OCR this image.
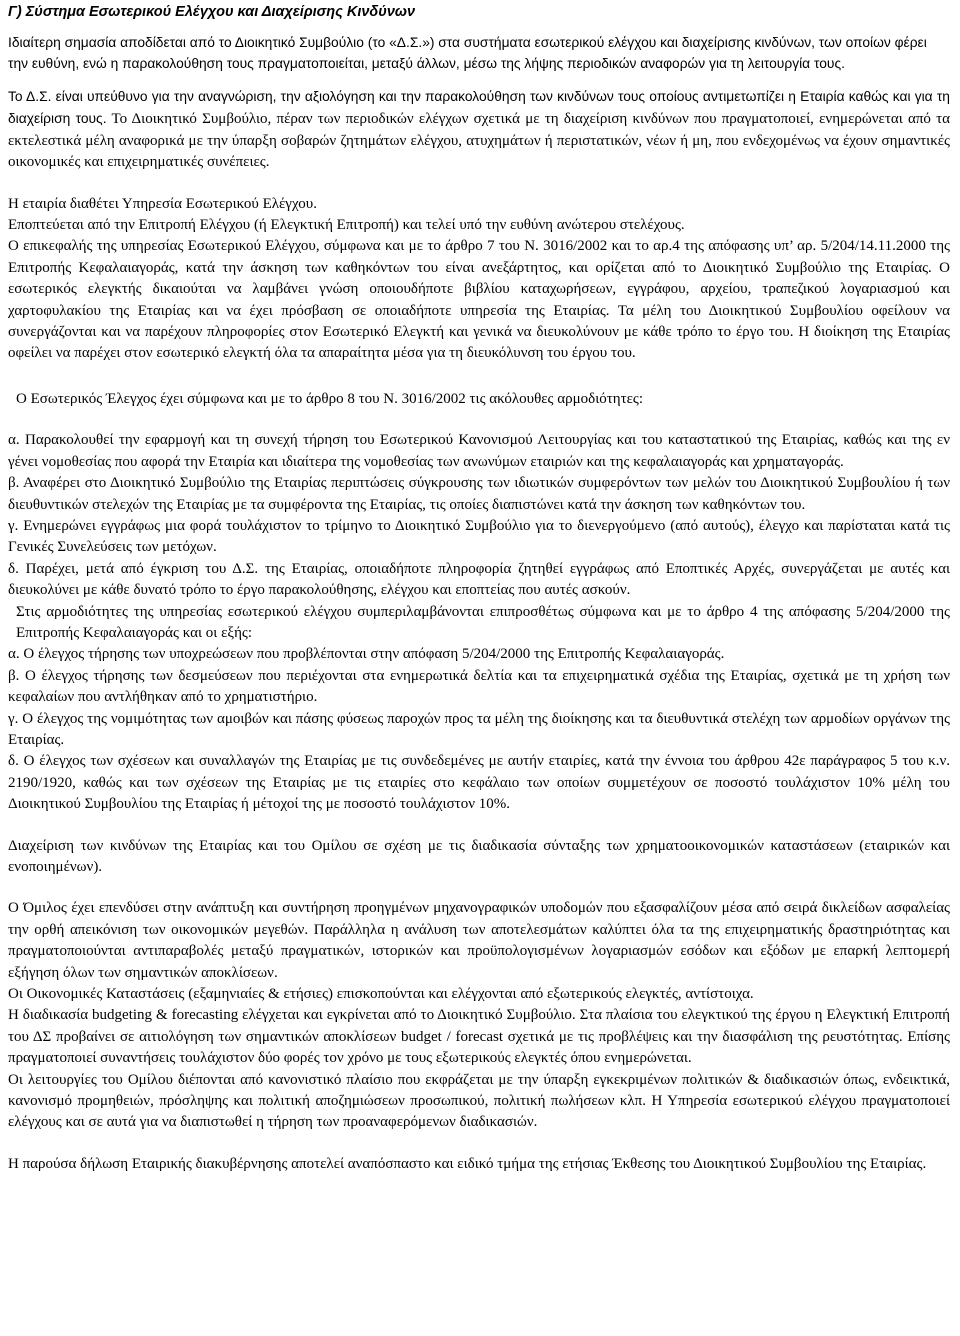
Γ) Σύστημα Εσωτερικού Ελέγχου και Διαχείρισης Κινδύνων

Ιδιαίτερη σημασία αποδίδεται από το Διοικητικό Συμβούλιο (το «Δ.Σ.») στα συστήματα εσωτερικού ελέγχου και διαχείρισης κινδύνων, των οποίων φέρει την ευθύνη, ενώ η παρακολούθηση τους πραγματοποιείται, μεταξύ άλλων, μέσω της λήψης περιοδικών αναφορών για τη λειτουργία τους.

Το Δ.Σ. είναι υπεύθυνο για την αναγνώριση, την αξιολόγηση και την παρακολούθηση των κινδύνων τους οποίους αντιμετωπίζει η Εταιρία καθώς και για τη διαχείριση τους. Το Διοικητικό Συμβούλιο, πέραν των περιοδικών ελέγχων σχετικά με τη διαχείριση κινδύνων που πραγματοποιεί, ενημερώνεται από τα εκτελεστικά μέλη αναφορικά με την ύπαρξη σοβαρών ζητημάτων ελέγχου, ατυχημάτων ή περιστατικών, νέων ή μη, που ενδεχομένως να έχουν σημαντικές οικονομικές και επιχειρηματικές συνέπειες.

Η εταιρία διαθέτει Υπηρεσία Εσωτερικού Ελέγχου.

Εποπτεύεται από την Επιτροπή Ελέγχου (ή Ελεγκτική Επιτροπή) και τελεί υπό την ευθύνη ανώτερου στελέχους.

Ο επικεφαλής της υπηρεσίας Εσωτερικού Ελέγχου, σύμφωνα και με το άρθρο 7 του Ν. 3016/2002 και το αρ.4 της απόφασης υπ’ αρ. 5/204/14.11.2000 της Επιτροπής Κεφαλαιαγοράς, κατά την άσκηση των καθηκόντων του είναι ανεξάρτητος, και ορίζεται από το Διοικητικό Συμβούλιο της Εταιρίας. Ο εσωτερικός ελεγκτής δικαιούται να λαμβάνει γνώση οποιουδήποτε βιβλίου καταχωρήσεων, εγγράφου, αρχείου, τραπεζικού λογαριασμού και χαρτοφυλακίου της Εταιρίας και να έχει πρόσβαση σε οποιαδήποτε υπηρεσία της Εταιρίας. Τα μέλη του Διοικητικού Συμβουλίου οφείλουν να συνεργάζονται και να παρέχουν πληροφορίες στον Εσωτερικό Ελεγκτή και γενικά να διευκολύνουν με κάθε τρόπο το έργο του. Η διοίκηση της Εταιρίας οφείλει να παρέχει στον εσωτερικό ελεγκτή όλα τα απαραίτητα μέσα για τη διευκόλυνση του έργου του.

Ο Εσωτερικός Έλεγχος έχει σύμφωνα και με το άρθρο 8 του Ν. 3016/2002 τις ακόλουθες αρμοδιότητες:

α. Παρακολουθεί την εφαρμογή και τη συνεχή τήρηση του Εσωτερικού Κανονισμού Λειτουργίας και του καταστατικού της Εταιρίας, καθώς και της εν γένει νομοθεσίας που αφορά την Εταιρία και ιδιαίτερα της νομοθεσίας των ανωνύμων εταιριών και της κεφαλαιαγοράς και χρηματαγοράς.

β. Αναφέρει στο Διοικητικό Συμβούλιο της Εταιρίας περιπτώσεις σύγκρουσης των ιδιωτικών συμφερόντων των μελών του Διοικητικού Συμβουλίου ή των διευθυντικών στελεχών της Εταιρίας με τα συμφέροντα της Εταιρίας, τις οποίες διαπιστώνει κατά την άσκηση των καθηκόντων του.

γ. Ενημερώνει εγγράφως μια φορά τουλάχιστον το τρίμηνο το Διοικητικό Συμβούλιο για το διενεργούμενο (από αυτούς), έλεγχο και παρίσταται κατά τις Γενικές Συνελεύσεις των μετόχων.

δ. Παρέχει, μετά από έγκριση του Δ.Σ. της Εταιρίας, οποιαδήποτε πληροφορία ζητηθεί εγγράφως από Εποπτικές Αρχές, συνεργάζεται με αυτές και διευκολύνει με κάθε δυνατό τρόπο το έργο παρακολούθησης, ελέγχου και εποπτείας που αυτές ασκούν.

Στις αρμοδιότητες της υπηρεσίας εσωτερικού ελέγχου συμπεριλαμβάνονται επιπροσθέτως σύμφωνα και με το άρθρο 4 της απόφασης 5/204/2000 της Επιτροπής Κεφαλαιαγοράς και οι εξής:

α. Ο έλεγχος τήρησης των υποχρεώσεων που προβλέπονται στην απόφαση 5/204/2000 της Επιτροπής Κεφαλαιαγοράς.

β. Ο έλεγχος τήρησης των δεσμεύσεων που περιέχονται στα ενημερωτικά δελτία και τα επιχειρηματικά σχέδια της Εταιρίας, σχετικά με τη χρήση των κεφαλαίων που αντλήθηκαν από το χρηματιστήριο.

γ. Ο έλεγχος της νομιμότητας των αμοιβών και πάσης φύσεως παροχών προς τα μέλη της διοίκησης και τα διευθυντικά στελέχη των αρμοδίων οργάνων της Εταιρίας.

δ. Ο έλεγχος των σχέσεων και συναλλαγών της Εταιρίας με τις συνδεδεμένες με αυτήν εταιρίες, κατά την έννοια του άρθρου 42ε παράγραφος 5 του κ.ν. 2190/1920, καθώς και των σχέσεων της Εταιρίας με τις εταιρίες στο κεφάλαιο των οποίων συμμετέχουν σε ποσοστό τουλάχιστον 10% μέλη του Διοικητικού Συμβουλίου της Εταιρίας ή μέτοχοί της με ποσοστό τουλάχιστον 10%.

Διαχείριση των κινδύνων της Εταιρίας και του Ομίλου σε σχέση με τις διαδικασία σύνταξης των χρηματοοικονομικών καταστάσεων (εταιρικών και ενοποιημένων).

Ο Όμιλος έχει επενδύσει στην ανάπτυξη και συντήρηση προηγμένων μηχανογραφικών υποδομών που εξασφαλίζουν μέσα από σειρά δικλείδων ασφαλείας την ορθή απεικόνιση των οικονομικών μεγεθών. Παράλληλα η ανάλυση των αποτελεσμάτων καλύπτει όλα τα της επιχειρηματικής δραστηριότητας και πραγματοποιούνται αντιπαραβολές μεταξύ πραγματικών, ιστορικών και προϋπολογισμένων λογαριασμών εσόδων και εξόδων με επαρκή λεπτομερή εξήγηση όλων των σημαντικών αποκλίσεων.

Οι Οικονομικές Καταστάσεις (εξαμηνιαίες & ετήσιες) επισκοπούνται και ελέγχονται από εξωτερικούς ελεγκτές, αντίστοιχα.

Η διαδικασία budgeting & forecasting ελέγχεται και εγκρίνεται από το Διοικητικό Συμβούλιο. Στα πλαίσια του ελεγκτικού της έργου η Ελεγκτική Επιτροπή του ΔΣ προβαίνει σε αιτιολόγηση των σημαντικών αποκλίσεων budget / forecast σχετικά με τις προβλέψεις και την διασφάλιση της ρευστότητας. Επίσης πραγματοποιεί συναντήσεις τουλάχιστον δύο φορές τον χρόνο με τους εξωτερικούς ελεγκτές όπου ενημερώνεται.

Οι λειτουργίες του Ομίλου διέπονται από κανονιστικό πλαίσιο που εκφράζεται με την ύπαρξη εγκεκριμένων πολιτικών & διαδικασιών όπως, ενδεικτικά, κανονισμό προμηθειών, πρόσληψης και πολιτική αποζημιώσεων προσωπικού, πολιτική πωλήσεων κλπ. Η Υπηρεσία εσωτερικού ελέγχου πραγματοποιεί ελέγχους και σε αυτά για να διαπιστωθεί η τήρηση των προαναφερόμενων διαδικασιών.

Η παρούσα δήλωση Εταιρικής διακυβέρνησης αποτελεί αναπόσπαστο και ειδικό τμήμα της ετήσιας Έκθεσης του Διοικητικού Συμβουλίου της Εταιρίας.
